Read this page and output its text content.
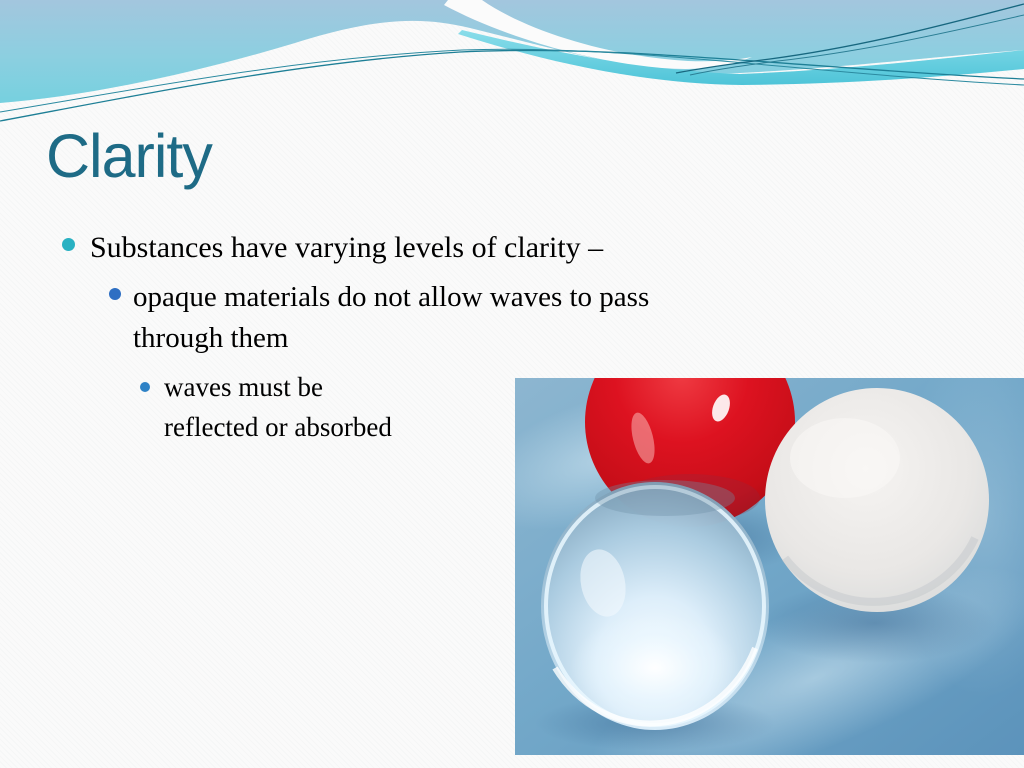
Clarity
Substances have varying levels of clarity –
opaque materials do not allow waves to pass
through them
waves must be
reflected or absorbed
